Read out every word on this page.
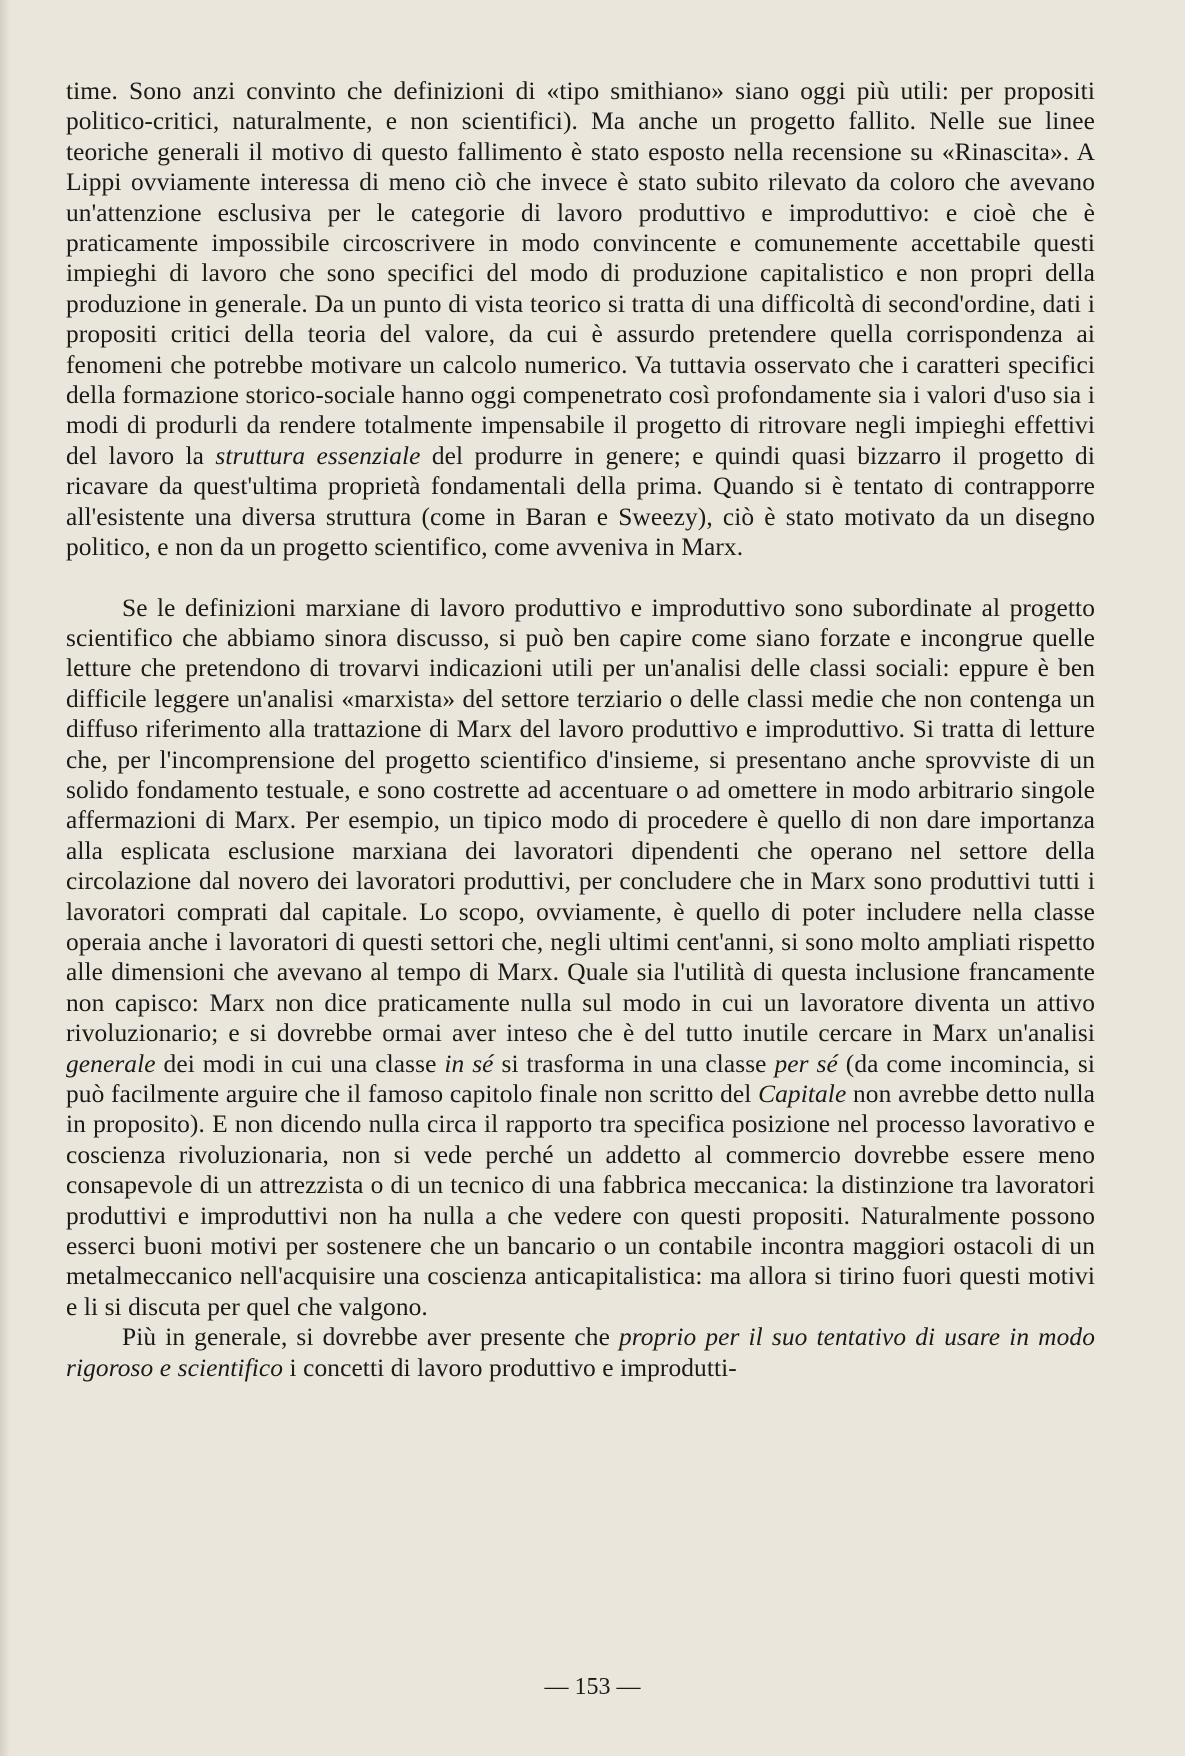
time. Sono anzi convinto che definizioni di «tipo smithiano» siano oggi più utili: per propositi politico-critici, naturalmente, e non scientifici). Ma anche un progetto fallito. Nelle sue linee teoriche generali il motivo di questo fallimento è stato esposto nella recensione su «Rinascita». A Lippi ovviamente interessa di meno ciò che invece è stato subito rilevato da coloro che avevano un'attenzione esclusiva per le categorie di lavoro produttivo e improduttivo: e cioè che è praticamente impossibile circoscrivere in modo convincente e comunemente accettabile questi impieghi di lavoro che sono specifici del modo di produzione capitalistico e non propri della produzione in generale. Da un punto di vista teorico si tratta di una difficoltà di second'ordine, dati i propositi critici della teoria del valore, da cui è assurdo pretendere quella corrispondenza ai fenomeni che potrebbe motivare un calcolo numerico. Va tuttavia osservato che i caratteri specifici della formazione storico-sociale hanno oggi compenetrato così profondamente sia i valori d'uso sia i modi di produrli da rendere totalmente impensabile il progetto di ritrovare negli impieghi effettivi del lavoro la struttura essenziale del produrre in genere; e quindi quasi bizzarro il progetto di ricavare da quest'ultima proprietà fondamentali della prima. Quando si è tentato di contrapporre all'esistente una diversa struttura (come in Baran e Sweezy), ciò è stato motivato da un disegno politico, e non da un progetto scientifico, come avveniva in Marx.

Se le definizioni marxiane di lavoro produttivo e improduttivo sono subordinate al progetto scientifico che abbiamo sinora discusso, si può ben capire come siano forzate e incongrue quelle letture che pretendono di trovarvi indicazioni utili per un'analisi delle classi sociali: eppure è ben difficile leggere un'analisi «marxista» del settore terziario o delle classi medie che non contenga un diffuso riferimento alla trattazione di Marx del lavoro produttivo e improduttivo. Si tratta di letture che, per l'incomprensione del progetto scientifico d'insieme, si presentano anche sprovviste di un solido fondamento testuale, e sono costrette ad accentuare o ad omettere in modo arbitrario singole affermazioni di Marx. Per esempio, un tipico modo di procedere è quello di non dare importanza alla esplicata esclusione marxiana dei lavoratori dipendenti che operano nel settore della circolazione dal novero dei lavoratori produttivi, per concludere che in Marx sono produttivi tutti i lavoratori comprati dal capitale. Lo scopo, ovviamente, è quello di poter includere nella classe operaia anche i lavoratori di questi settori che, negli ultimi cent'anni, si sono molto ampliati rispetto alle dimensioni che avevano al tempo di Marx. Quale sia l'utilità di questa inclusione francamente non capisco: Marx non dice praticamente nulla sul modo in cui un lavoratore diventa un attivo rivoluzionario; e si dovrebbe ormai aver inteso che è del tutto inutile cercare in Marx un'analisi generale dei modi in cui una classe in sé si trasforma in una classe per sé (da come incomincia, si può facilmente arguire che il famoso capitolo finale non scritto del Capitale non avrebbe detto nulla in proposito). E non dicendo nulla circa il rapporto tra specifica posizione nel processo lavorativo e coscienza rivoluzionaria, non si vede perché un addetto al commercio dovrebbe essere meno consapevole di un attrezzista o di un tecnico di una fabbrica meccanica: la distinzione tra lavoratori produttivi e improduttivi non ha nulla a che vedere con questi propositi. Naturalmente possono esserci buoni motivi per sostenere che un bancario o un contabile incontra maggiori ostacoli di un metalmeccanico nell'acquisire una coscienza anticapitalistica: ma allora si tirino fuori questi motivi e li si discuta per quel che valgono.

Più in generale, si dovrebbe aver presente che proprio per il suo tentativo di usare in modo rigoroso e scientifico i concetti di lavoro produttivo e improdutti-

— 153 —
